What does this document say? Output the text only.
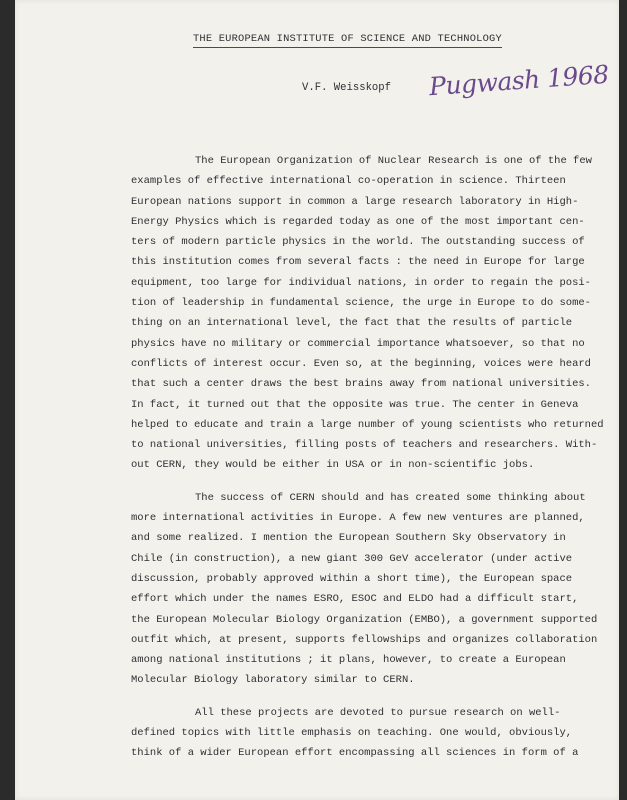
THE EUROPEAN INSTITUTE OF SCIENCE AND TECHNOLOGY
V.F. Weisskopf Pugwash 1968
The European Organization of Nuclear Research is one of the few
examples of effective international co-operation in science. Thirteen
European nations support in common a large research laboratory in High-
Energy Physics which is regarded today as one of the most important cen-
ters of modern particle physics in the world. The outstanding success of
this institution comes from several facts : the need in Europe for large
equipment, too large for individual nations, in order to regain the posi-
tion of leadership in fundamental science, the urge in Europe to do some-
thing on an international level, the fact that the results of particle
physics have no military or commercial importance whatsoever, so that no
conflicts of interest occur. Even so, at the beginning, voices were heard
that such a center draws the best brains away from national universities.
In fact, it turned out that the opposite was true. The center in Geneva
helped to educate and train a large number of young scientists who returned
to national universities, filling posts of teachers and researchers. With-
out CERN, they would be either in USA or in non-scientific jobs.
The success of CERN should and has created some thinking about
more international activities in Europe. A few new ventures are planned,
and some realized. I mention the European Southern Sky Observatory in
Chile (in construction), a new giant 300 GeV accelerator (under active
discussion, probably approved within a short time), the European space
effort which under the names ESRO, ESOC and ELDO had a difficult start,
the European Molecular Biology Organization (EMBO), a government supported
outfit which, at present, supports fellowships and organizes collaboration
among national institutions ; it plans, however, to create a European
Molecular Biology laboratory similar to CERN.
All these projects are devoted to pursue research on well-
defined topics with little emphasis on teaching. One would, obviously,
think of a wider European effort encompassing all sciences in form of a
